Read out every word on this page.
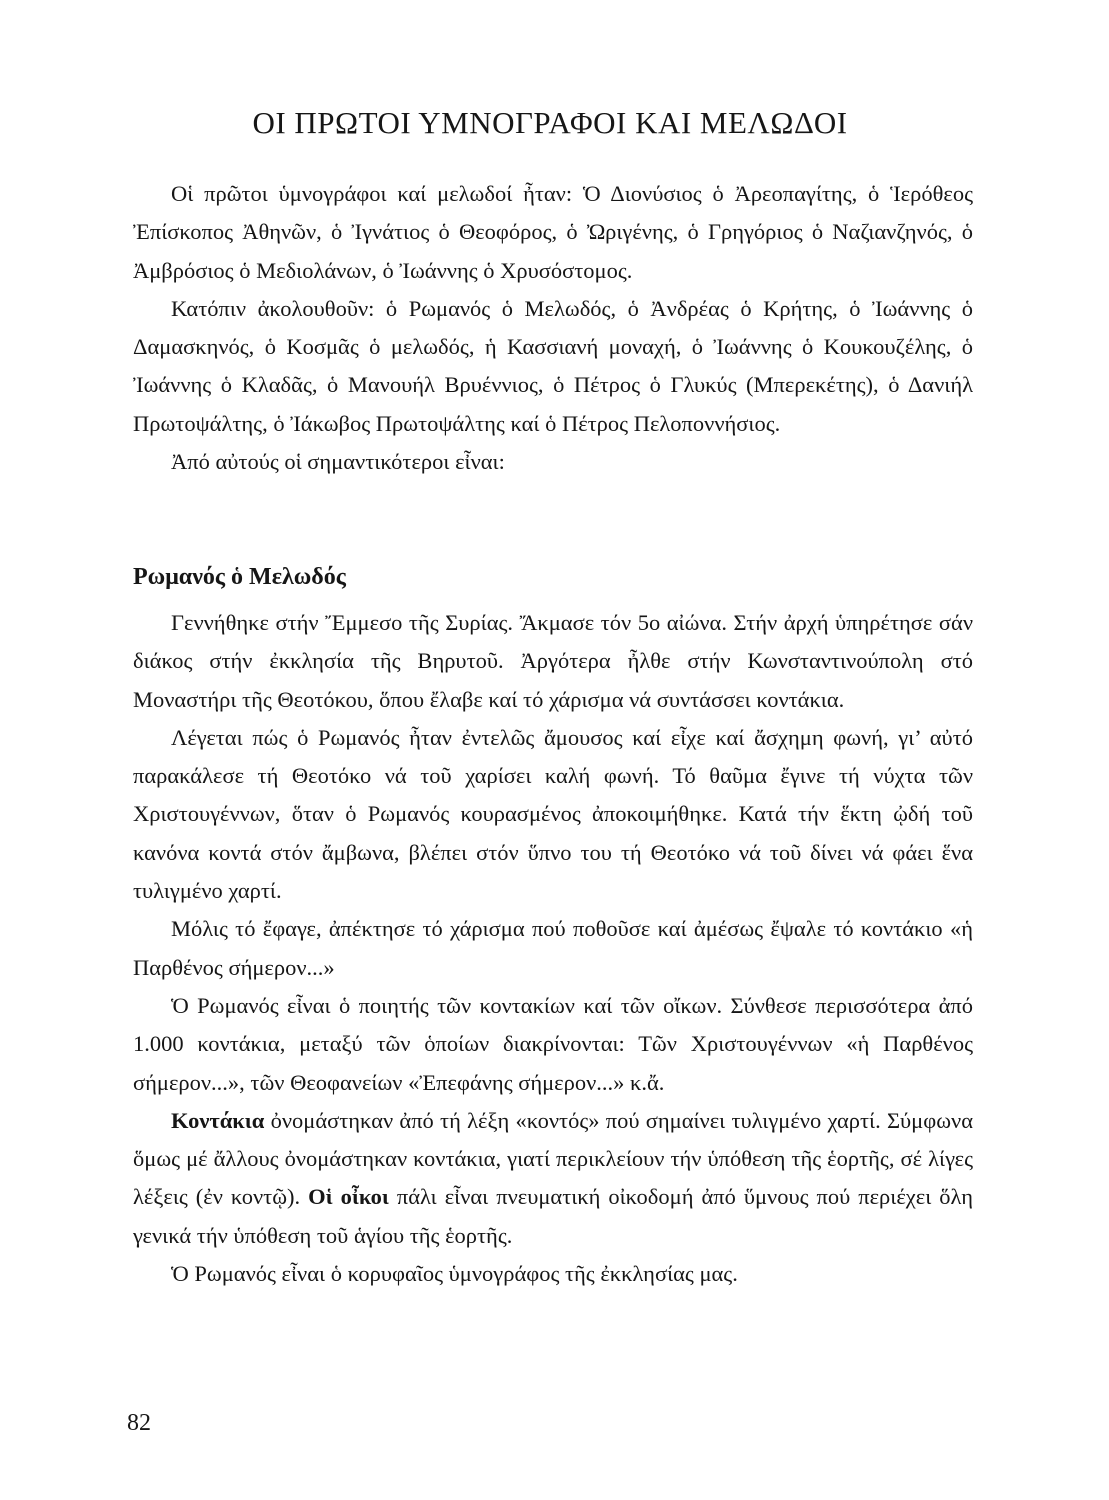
ΟΙ ΠΡΩΤΟΙ ΥΜΝΟΓΡΑΦΟΙ ΚΑΙ ΜΕΛΩΔΟΙ

Οἱ πρῶτοι ὑμνογράφοι καί μελωδοί ἦταν: Ὁ Διονύσιος ὁ Ἀρεοπαγίτης, ὁ Ἱερόθεος Ἐπίσκοπος Ἀθηνῶν, ὁ Ἰγνάτιος ὁ Θεοφόρος, ὁ Ὠριγένης, ὁ Γρηγόριος ὁ Ναζιανζηνός, ὁ Ἀμβρόσιος ὁ Μεδιολάνων, ὁ Ἰωάννης ὁ Χρυσόστομος.

Κατόπιν ἀκολουθοῦν: ὁ Ρωμανός ὁ Μελωδός, ὁ Ἀνδρέας ὁ Κρήτης, ὁ Ἰωάννης ὁ Δαμασκηνός, ὁ Κοσμᾶς ὁ μελωδός, ἡ Κασσιανή μοναχή, ὁ Ἰωάννης ὁ Κουκουζέλης, ὁ Ἰωάννης ὁ Κλαδᾶς, ὁ Μανουήλ Βρυέννιος, ὁ Πέτρος ὁ Γλυκύς (Μπερεκέτης), ὁ Δανιήλ Πρωτοψάλτης, ὁ Ἰάκωβος Πρωτοψάλτης καί ὁ Πέτρος Πελοποννήσιος.

Ἀπό αὐτούς οἱ σημαντικότεροι εἶναι:

Ρωμανός ὁ Μελωδός

Γεννήθηκε στήν Ἔμμεσο τῆς Συρίας. Ἄκμασε τόν 5ο αἰώνα. Στήν ἀρχή ὑπηρέτησε σάν διάκος στήν ἐκκλησία τῆς Βηρυτοῦ. Ἀργότερα ἦλθε στήν Κωνσταντινούπολη στό Μοναστήρι τῆς Θεοτόκου, ὅπου ἔλαβε καί τό χάρισμα νά συντάσσει κοντάκια.

Λέγεται πώς ὁ Ρωμανός ἦταν ἐντελῶς ἄμουσος καί εἶχε καί ἄσχημη φωνή, γι’ αὐτό παρακάλεσε τή Θεοτόκο νά τοῦ χαρίσει καλή φωνή. Τό θαῦμα ἔγινε τή νύχτα τῶν Χριστουγέννων, ὅταν ὁ Ρωμανός κουρασμένος ἀποκοιμήθηκε. Κατά τήν ἕκτη ᾠδή τοῦ κανόνα κοντά στόν ἄμβωνα, βλέπει στόν ὕπνο του τή Θεοτόκο νά τοῦ δίνει νά φάει ἕνα τυλιγμένο χαρτί.

Μόλις τό ἔφαγε, ἀπέκτησε τό χάρισμα πού ποθοῦσε καί ἀμέσως ἔψαλε τό κοντάκιο «ἡ Παρθένος σήμερον...»

Ὁ Ρωμανός εἶναι ὁ ποιητής τῶν κοντακίων καί τῶν οἴκων. Σύνθεσε περισσότερα ἀπό 1.000 κοντάκια, μεταξύ τῶν ὁποίων διακρίνονται: Τῶν Χριστουγέννων «ἡ Παρθένος σήμερον...», τῶν Θεοφανείων «Ἐπεφάνης σήμερον...» κ.ἄ.

Κοντάκια ὀνομάστηκαν ἀπό τή λέξη «κοντός» πού σημαίνει τυλιγμένο χαρτί. Σύμφωνα ὅμως μέ ἄλλους ὀνομάστηκαν κοντάκια, γιατί περικλείουν τήν ὑπόθεση τῆς ἑορτῆς, σέ λίγες λέξεις (ἐν κοντῷ). Οἱ οἶκοι πάλι εἶναι πνευματική οἰκοδομή ἀπό ὕμνους πού περιέχει ὅλη γενικά τήν ὑπόθεση τοῦ ἁγίου τῆς ἑορτῆς.

Ὁ Ρωμανός εἶναι ὁ κορυφαῖος ὑμνογράφος τῆς ἐκκλησίας μας.

82
